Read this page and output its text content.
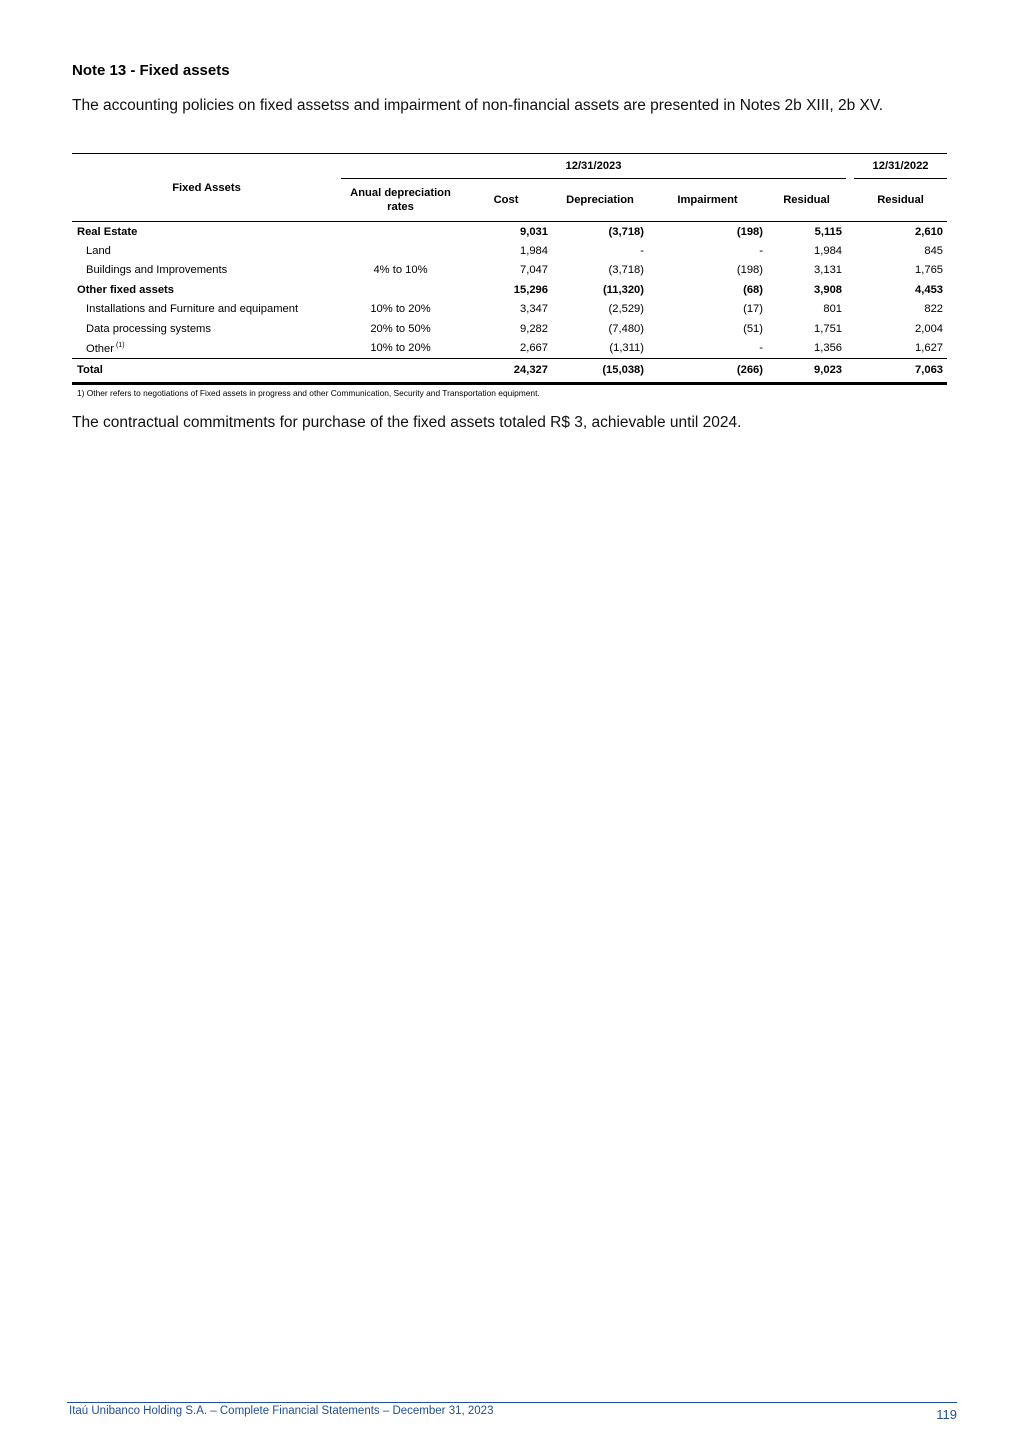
Note 13 - Fixed assets

The accounting policies on fixed assetss and impairment of non-financial assets are presented in Notes 2b XIII, 2b XV.

Fixed Assets	12/31/2023						12/31/2022
	Anual depreciation rates	Cost	Depreciation	Impairment	Residual		Residual
Real Estate		9,031	(3,718)	(198)	5,115		2,610
Land		1,984	-	-	1,984		845
Buildings and Improvements	4% to 10%	7,047	(3,718)	(198)	3,131		1,765
Other fixed assets		15,296	(11,320)	(68)	3,908		4,453
Installations and Furniture and equipament	10% to 20%	3,347	(2,529)	(17)	801		822
Data processing systems	20% to 50%	9,282	(7,480)	(51)	1,751		2,004
Other $^{(1)}$	10% to 20%	2,667	(1,311)	-	1,356		1,627
Total		24,327	(15,038)	(266)	9,023		7,063

1) Other refers to negotiations of Fixed assets in progress and other Communication, Security and Transportation equipment.

The contractual commitments for purchase of the fixed assets totaled R$ 3, achievable until 2024.

Itaú Unibanco Holding S.A. – Complete Financial Statements – December 31, 2023	119
